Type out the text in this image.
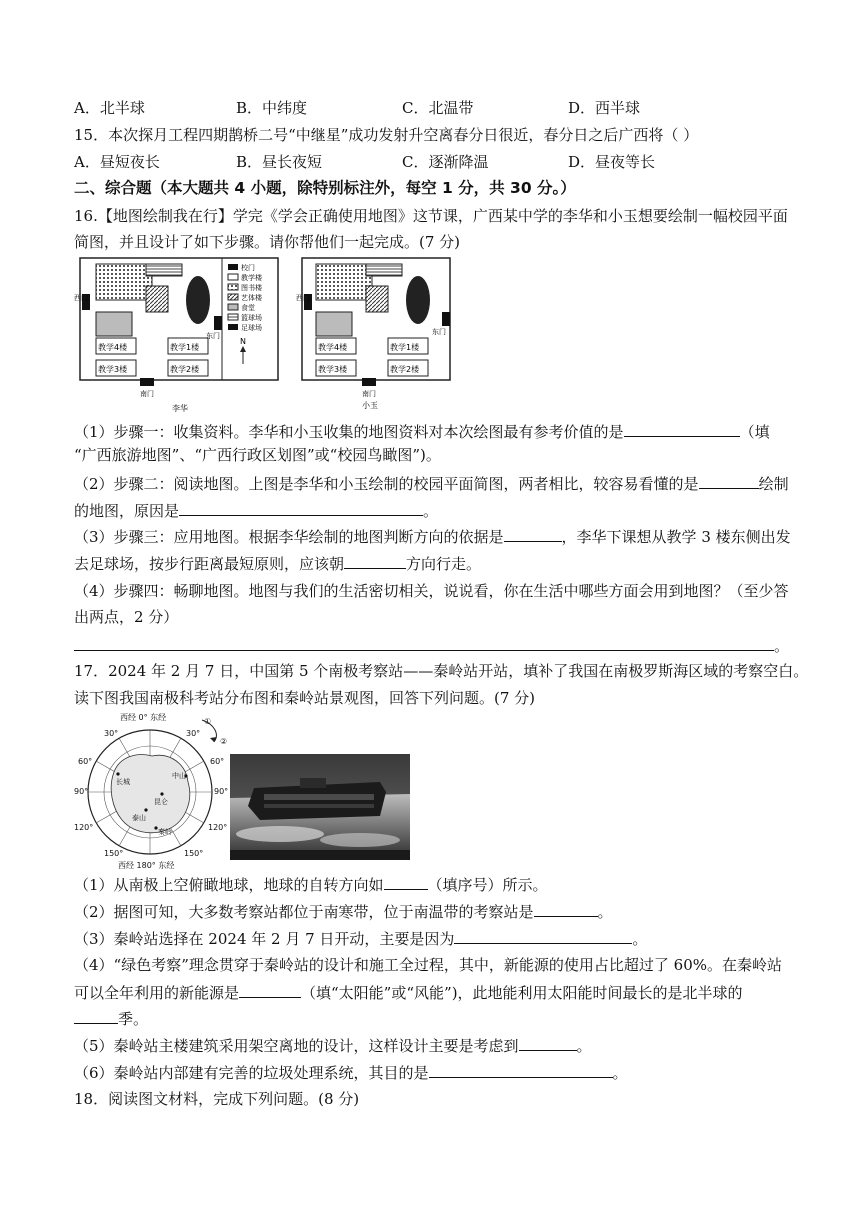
A．北半球	B．中纬度	C．北温带	D．西半球
15．本次探月工程四期鹊桥二号“中继星”成功发射升空离春分日很近，春分日之后广西将（ ）
A．昼短夜长	B．昼长夜短	C．逐渐降温	D．昼夜等长
二、综合题（本大题共 4 小题，除特别标注外，每空 1 分，共 30 分。）
16.【地图绘制我在行】学完《学会正确使用地图》这节课，广西某中学的李华和小玉想要绘制一幅校园平面
简图，并且设计了如下步骤。请你帮他们一起完成。(7 分)
教学4楼	教学1楼
教学3楼	教学2楼
西门
东门
南门
李华
校门
教学楼
图书楼
艺体楼
食堂
篮球场
足球场
N
教学4楼	教学1楼
教学3楼	教学2楼
西门
东门
南门
小玉
（1）步骤一：收集资料。李华和小玉收集的地图资料对本次绘图最有参考价值的是	（填
“广西旅游地图”、“广西行政区划图”或“校园鸟瞰图”)。
（2）步骤二：阅读地图。上图是李华和小玉绘制的校园平面简图，两者相比，较容易看懂的是	绘制
的地图，原因是	。
（3）步骤三：应用地图。根据李华绘制的地图判断方向的依据是	，李华下课想从教学 3 楼东侧出发
去足球场，按步行距离最短原则，应该朝	方向行走。
（4）步骤四：畅聊地图。地图与我们的生活密切相关，说说看，你在生活中哪些方面会用到地图？（至少答
出两点，2 分）
。
17．2024 年 2 月 7 日，中国第 5 个南极考察站——秦岭站开站，填补了我国在南极罗斯海区域的考察空白。
读下图我国南极科考站分布图和秦岭站景观图，回答下列问题。(7 分)
西经 0° 东经
西经 180° 东经
①
②
30°	30°
60°	60°
90°	90°
120°	120°
150°	150°
长城
中山
昆仑
泰山
秦岭
（1）从南极上空俯瞰地球，地球的自转方向如	（填序号）所示。
（2）据图可知，大多数考察站都位于南寒带，位于南温带的考察站是	。
（3）秦岭站选择在 2024 年 2 月 7 日开动，主要是因为	。
（4）“绿色考察”理念贯穿于秦岭站的设计和施工全过程，其中，新能源的使用占比超过了 60%。在秦岭站
可以全年利用的新能源是	（填“太阳能”或“风能”)，此地能利用太阳能时间最长的是北半球的
季。
（5）秦岭站主楼建筑采用架空离地的设计，这样设计主要是考虑到	。
（6）秦岭站内部建有完善的垃圾处理系统，其目的是	。
18．阅读图文材料，完成下列问题。(8 分)
